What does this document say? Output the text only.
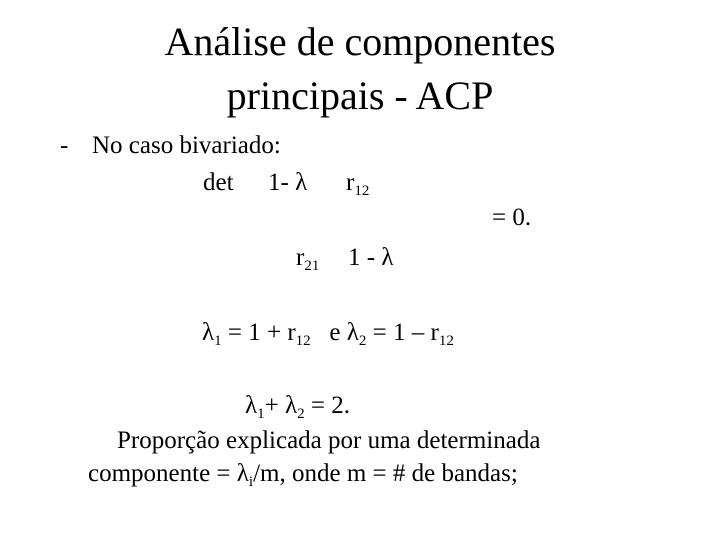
Análise de componentes
principais - ACP
- No caso bivariado:
det 1- λ $r_{12}$
= 0.
$r_{21}$ 1 - λ
$\lambda_1 = 1 + r_{12}$   e $\lambda_2 = 1 - r_{12}$
$\lambda_1+ \lambda_2 = 2$.
Proporção explicada por uma determinada
componente = $\lambda_i/m$, onde m = # de bandas;
